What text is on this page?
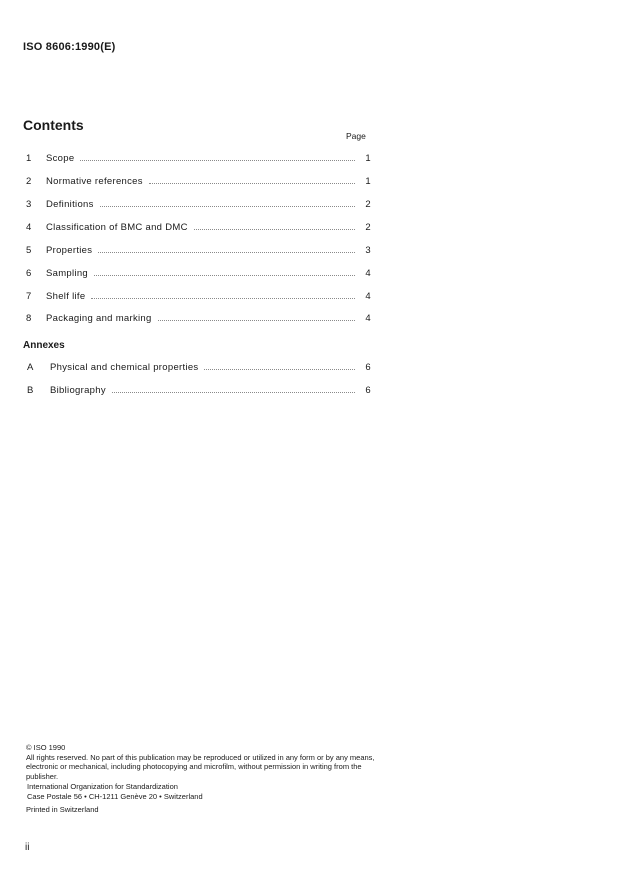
ISO 8606:1990(E)
Contents
Page
1	Scope	1
2	Normative references	1
3	Definitions	2
4	Classification of BMC and DMC	2
5	Properties	3
6	Sampling	4
7	Shelf life	4
8	Packaging and marking	4
Annexes
A	Physical and chemical properties	6
B	Bibliography	6
© ISO 1990
All rights reserved. No part of this publication may be reproduced or utilized in any form or by any means, electronic or mechanical, including photocopying and microfilm, without permission in writing from the publisher.
International Organization for Standardization
Case Postale 56 • CH-1211 Genève 20 • Switzerland
Printed in Switzerland
ii
